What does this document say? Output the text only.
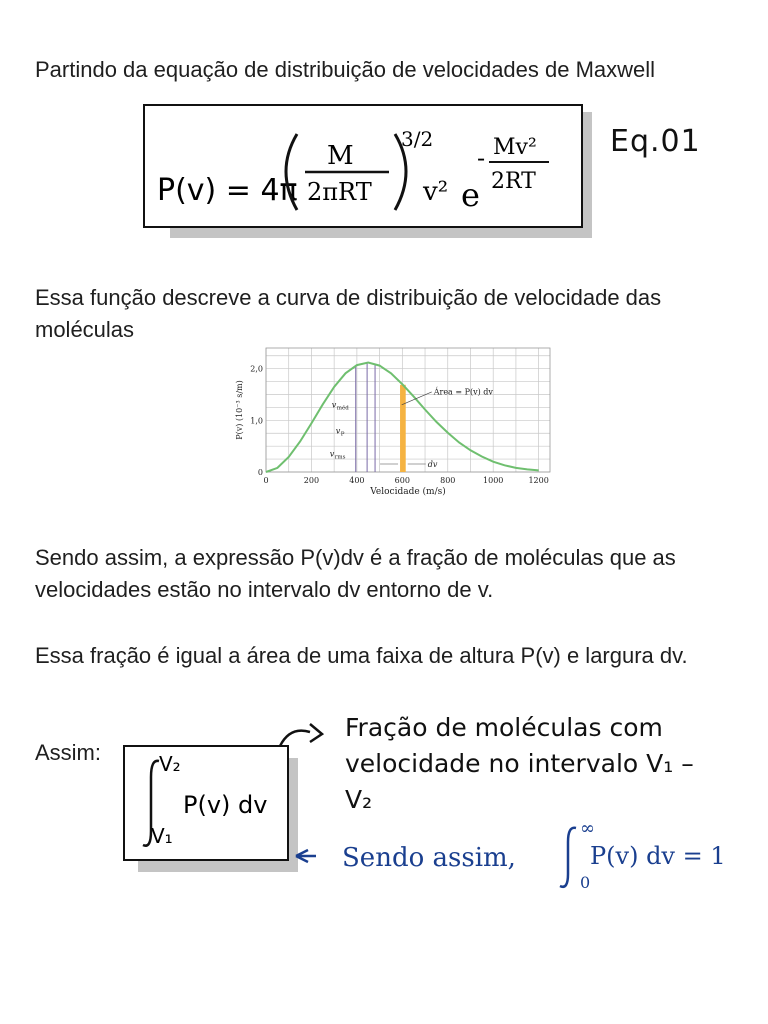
Partindo da equação de distribuição de velocidades de Maxwell

Essa função descreve a curva de distribuição de velocidade das moléculas

Sendo assim, a expressão P(v)dv é a fração de moléculas que as velocidades estão no intervalo dv entorno de v.

Essa fração é igual a área de uma faixa de altura P(v) e largura dv.

Assim:

P(v) = 4π
M
2πRT
3/2
v² e
- Mv²
2RT
Eq.01
0	200	400	600	800	1000	1200
0
1,0
2,0
Velocidade (m/s)
P(v) (10⁻³ s/m)	Área = P(v) dv
dv
v méd
v P
v rms
V₂
V₁
P(v) dv
Fração de moléculas com velocidade no intervalo V₁ – V₂
Sendo assim,
∞
0
P(v) dv = 1
